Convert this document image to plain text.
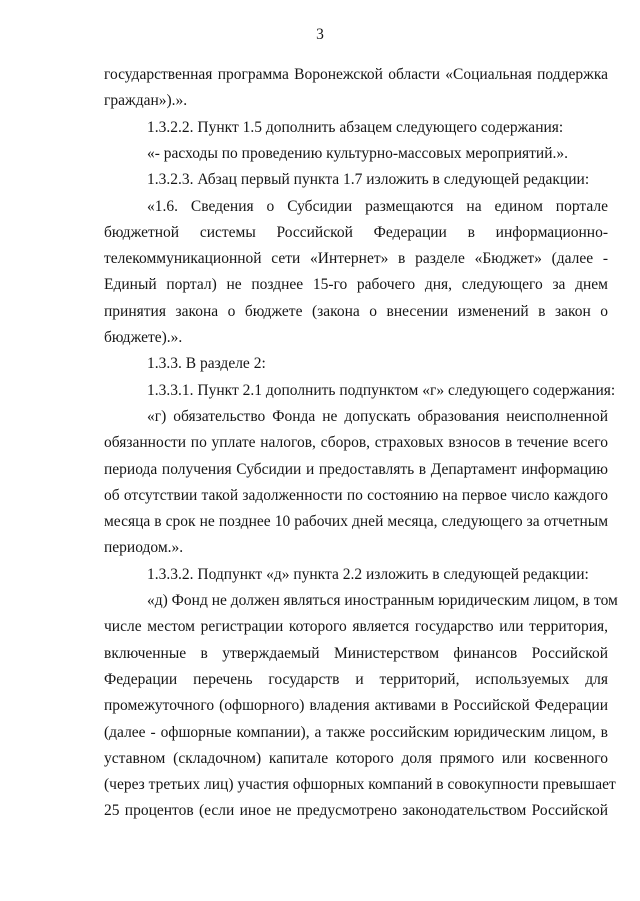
3
государственная программа Воронежской области «Социальная поддержка
граждан»).».
1.3.2.2. Пункт 1.5 дополнить абзацем следующего содержания:
«- расходы по проведению культурно-массовых мероприятий.».
1.3.2.3. Абзац первый пункта 1.7 изложить в следующей редакции:
«1.6. Сведения о Субсидии размещаются на едином портале
бюджетной системы Российской Федерации в информационно-
телекоммуникационной сети «Интернет» в разделе «Бюджет» (далее -
Единый портал) не позднее 15-го рабочего дня, следующего за днем
принятия закона о бюджете (закона о внесении изменений в закон о
бюджете).».
1.3.3. В разделе 2:
1.3.3.1. Пункт 2.1 дополнить подпунктом «г» следующего содержания:
«г) обязательство Фонда не допускать образования неисполненной
обязанности по уплате налогов, сборов, страховых взносов в течение всего
периода получения Субсидии и предоставлять в Департамент информацию
об отсутствии такой задолженности по состоянию на первое число каждого
месяца в срок не позднее 10 рабочих дней месяца, следующего за отчетным
периодом.».
1.3.3.2. Подпункт «д» пункта 2.2 изложить в следующей редакции:
«д) Фонд не должен являться иностранным юридическим лицом, в том
числе местом регистрации которого является государство или территория,
включенные в утверждаемый Министерством финансов Российской
Федерации перечень государств и территорий, используемых для
промежуточного (офшорного) владения активами в Российской Федерации
(далее - офшорные компании), а также российским юридическим лицом, в
уставном (складочном) капитале которого доля прямого или косвенного
(через третьих лиц) участия офшорных компаний в совокупности превышает
25 процентов (если иное не предусмотрено законодательством Российской
